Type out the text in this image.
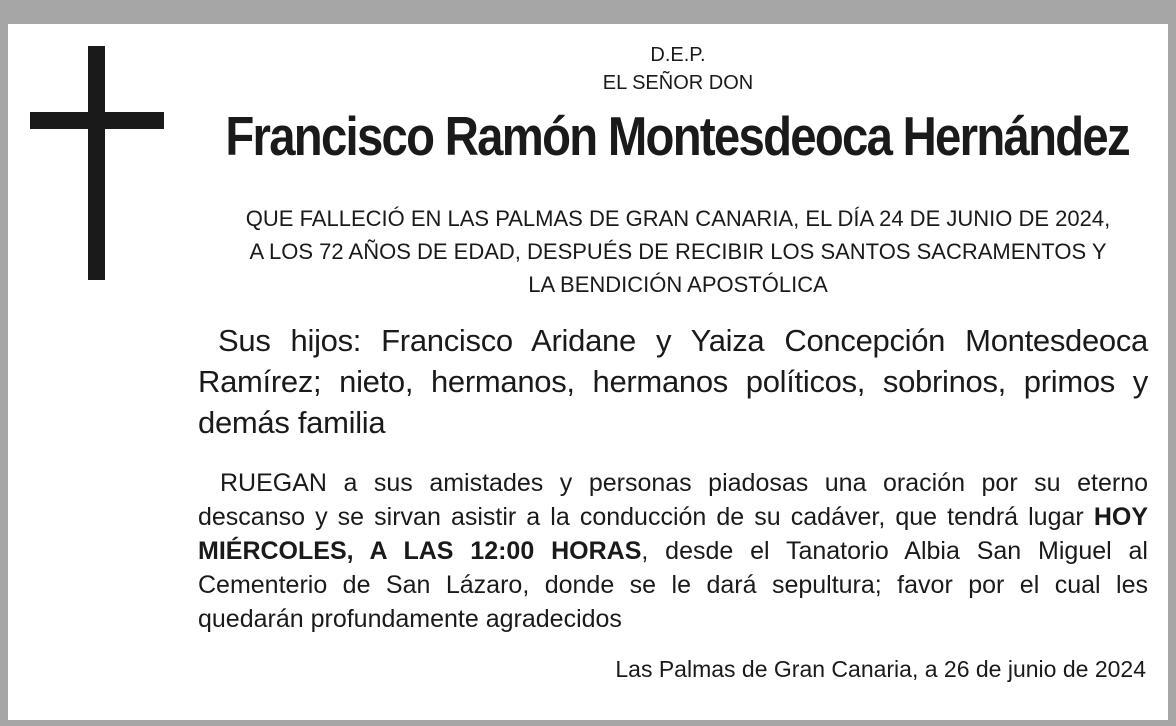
D.E.P.
EL SEÑOR DON
Francisco Ramón Montesdeoca Hernández
QUE FALLECIÓ EN LAS PALMAS DE GRAN CANARIA, EL DÍA 24 DE JUNIO DE 2024,
A LOS 72 AÑOS DE EDAD, DESPUÉS DE RECIBIR LOS SANTOS SACRAMENTOS Y
LA BENDICIÓN APOSTÓLICA
Sus hijos: Francisco Aridane y Yaiza Concepción Montesdeoca Ramírez; nieto, hermanos, hermanos políticos, sobrinos, primos y demás familia
RUEGAN a sus amistades y personas piadosas una oración por su eterno descanso y se sirvan asistir a la conducción de su cadáver, que tendrá lugar HOY MIÉRCOLES, A LAS 12:00 HORAS, desde el Tanatorio Albia San Miguel al Cementerio de San Lázaro, donde se le dará sepultura; favor por el cual les quedarán profundamente agradecidos
Las Palmas de Gran Canaria, a 26 de junio de 2024
